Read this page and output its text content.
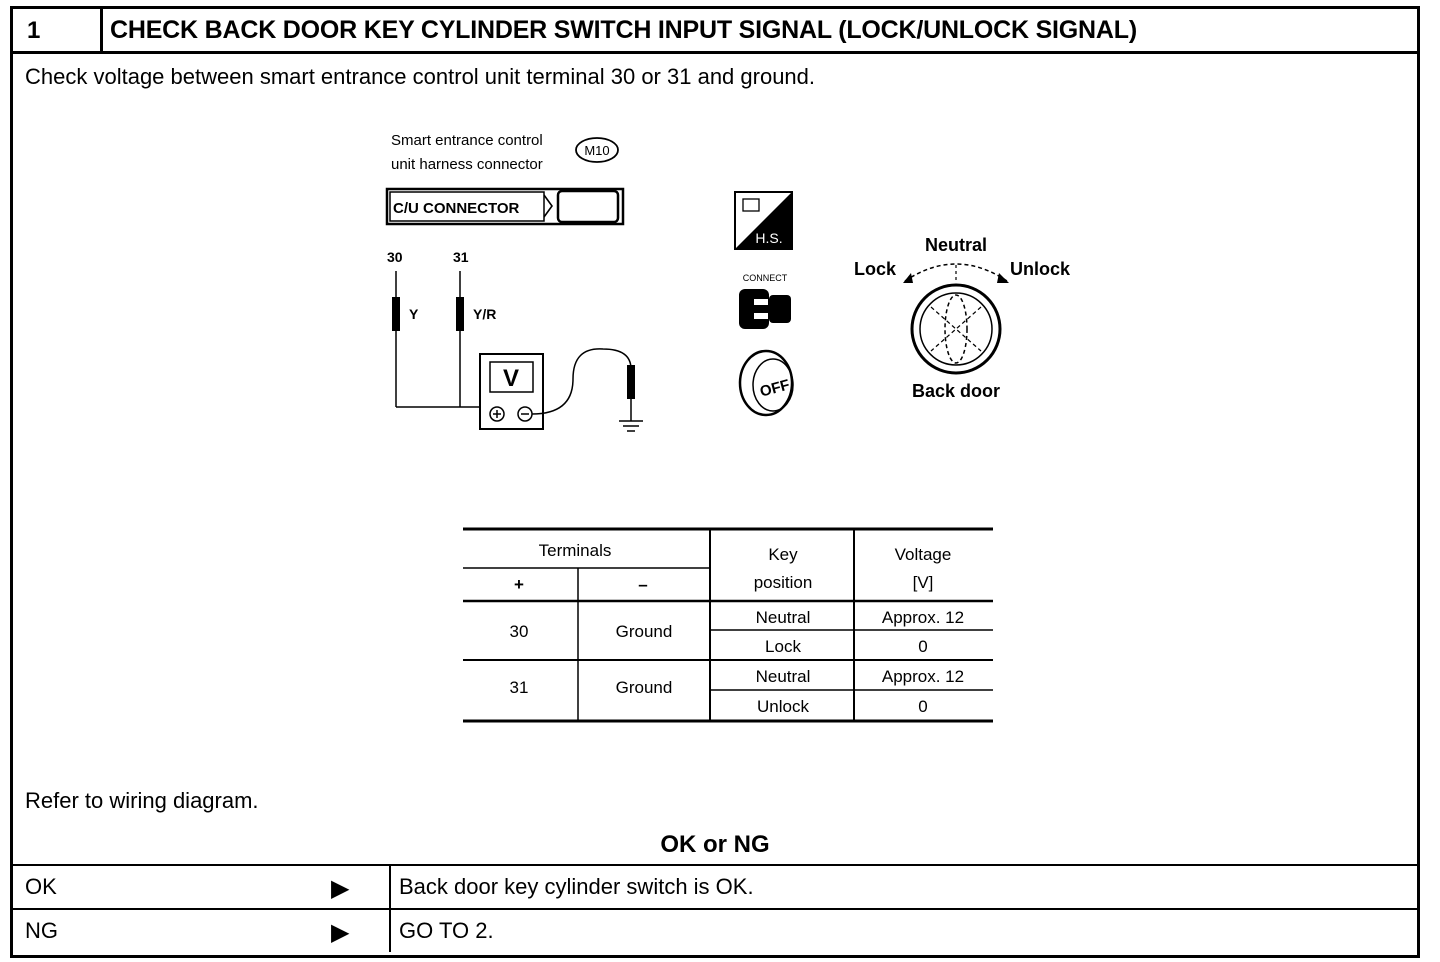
1	CHECK BACK DOOR KEY CYLINDER SWITCH INPUT SIGNAL (LOCK/UNLOCK SIGNAL)
Check voltage between smart entrance control unit terminal 30 or 31 and ground.
Smart entrance control
unit harness connector
M10
C/U CONNECTOR
30	31
Y	Y/R
V
H.S.
CONNECT
OFF
Neutral
Lock	Unlock
Back door
Terminals
+	–
Key
position
Voltage
[V]
30	Ground
Neutral	Approx. 12
Lock	0
31	Ground
Neutral	Approx. 12
Unlock	0
Refer to wiring diagram.
OK or NG
OK	▶ Back door key cylinder switch is OK.
NG	▶ GO TO 2.
